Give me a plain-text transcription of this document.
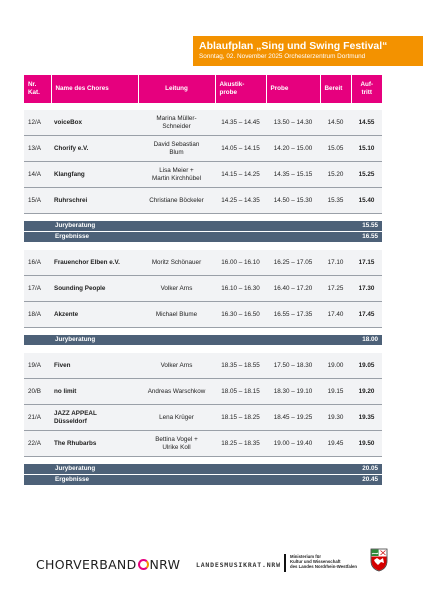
Ablaufplan „Sing und Swing Festival“
Sonntag, 02. November 2025 Orchesterzentrum Dortmund
Nr.
Kat.	Name des Chores	Leitung	Akustik-
probe	Probe	Bereit	Auf-
tritt

12/A	voiceBox	Marina Müller-
Schneider	14.35 – 14.45	13.50 – 14.30	14.50	14.55
13/A	Chorify e.V.	David Sebastian
Blum	14.05 – 14.15	14.20 – 15.00	15.05	15.10
14/A	Klangfang	Lisa Meier +
Martin Kirchhübel	14.15 – 14.25	14.35 – 15.15	15.20	15.25
15/A	Ruhrschrei	Christiane Böckeler	14.25 – 14.35	14.50 – 15.30	15.35	15.40

	Juryberatung					15.55
	Ergebnisse					16.55

16/A	Frauenchor Elben e.V.	Moritz Schönauer	16.00 – 16.10	16.25 – 17.05	17.10	17.15
17/A	Sounding People	Volker Arns	16.10 – 16.30	16.40 – 17.20	17.25	17.30
18/A	Akzente	Michael Blume	16.30 – 16.50	16.55 – 17.35	17.40	17.45

	Juryberatung					18.00

19/A	Fiven	Volker Arns	18.35 – 18.55	17.50 – 18.30	19.00	19.05
20/B	no limit	Andreas Warschkow	18.05 – 18.15	18.30 – 19.10	19.15	19.20
21/A	JAZZ APPEAL
Düsseldorf	Lena Krüger	18.15 – 18.25	18.45 – 19.25	19.30	19.35
22/A	The Rhubarbs	Bettina Vogel +
Ulrike Koll	18.25 – 18.35	19.00 – 19.40	19.45	19.50

	Juryberatung					20.05
	Ergebnisse					20.45
CHORVERBAND NRW LANDESMUSIKRAT.NRW
Ministerium für
Kultur und Wissenschaft
des Landes Nordrhein-Westfalen
